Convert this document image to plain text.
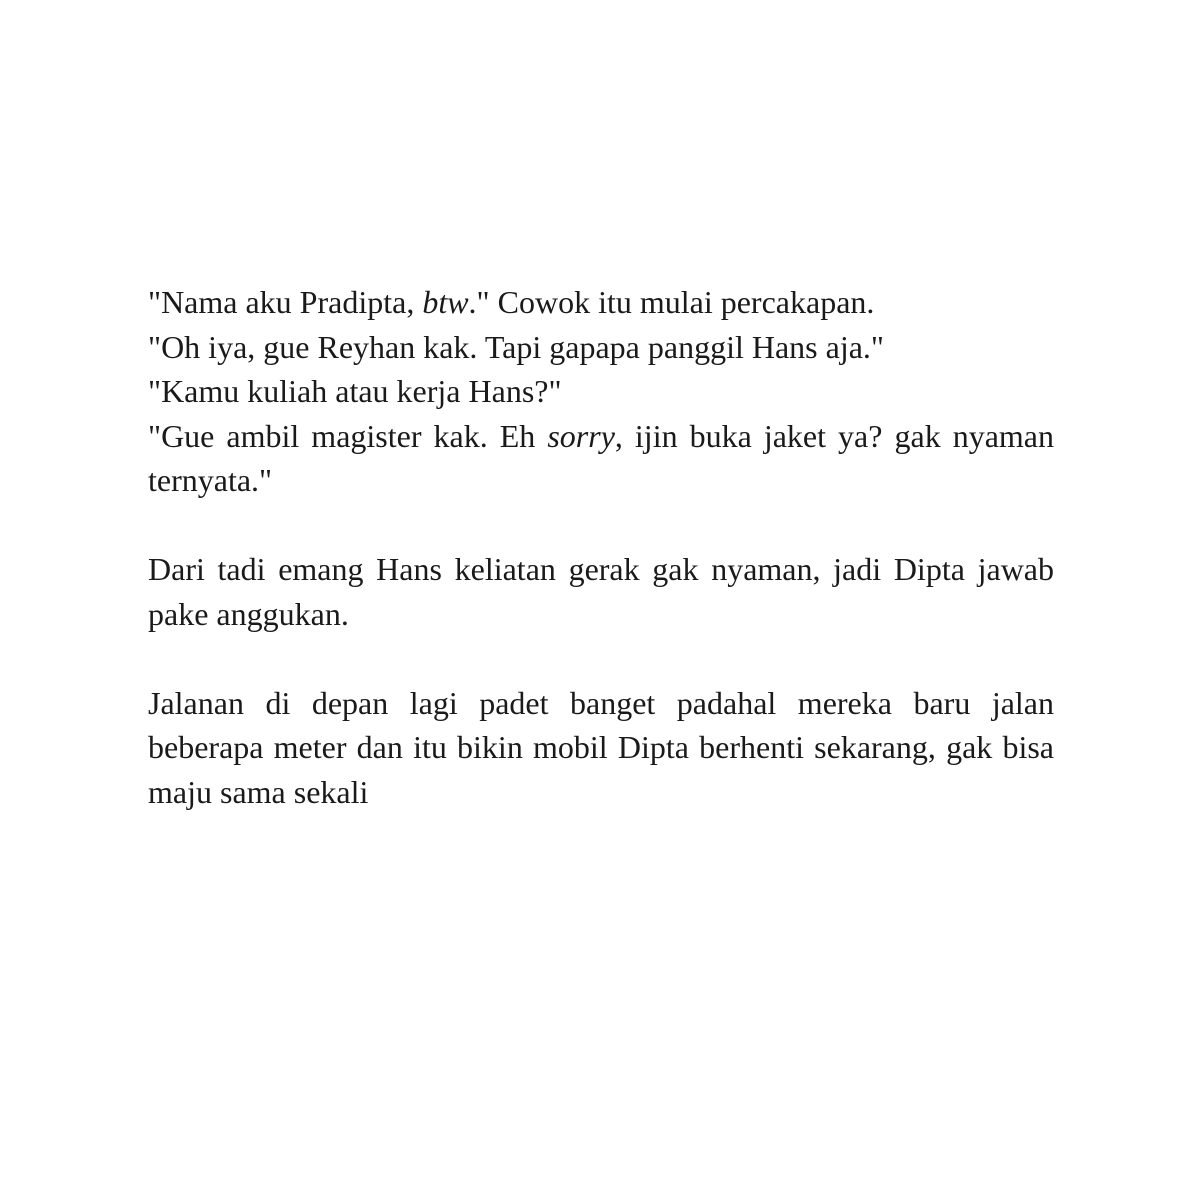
"Nama aku Pradipta, btw." Cowok itu mulai percakapan.
"Oh iya, gue Reyhan kak. Tapi gapapa panggil Hans aja."
"Kamu kuliah atau kerja Hans?"
"Gue ambil magister kak. Eh sorry, ijin buka jaket ya? gak nyaman ternyata."
Dari tadi emang Hans keliatan gerak gak nyaman, jadi Dipta jawab pake anggukan.
Jalanan di depan lagi padet banget padahal mereka baru jalan beberapa meter dan itu bikin mobil Dipta berhenti sekarang, gak bisa maju sama sekali
